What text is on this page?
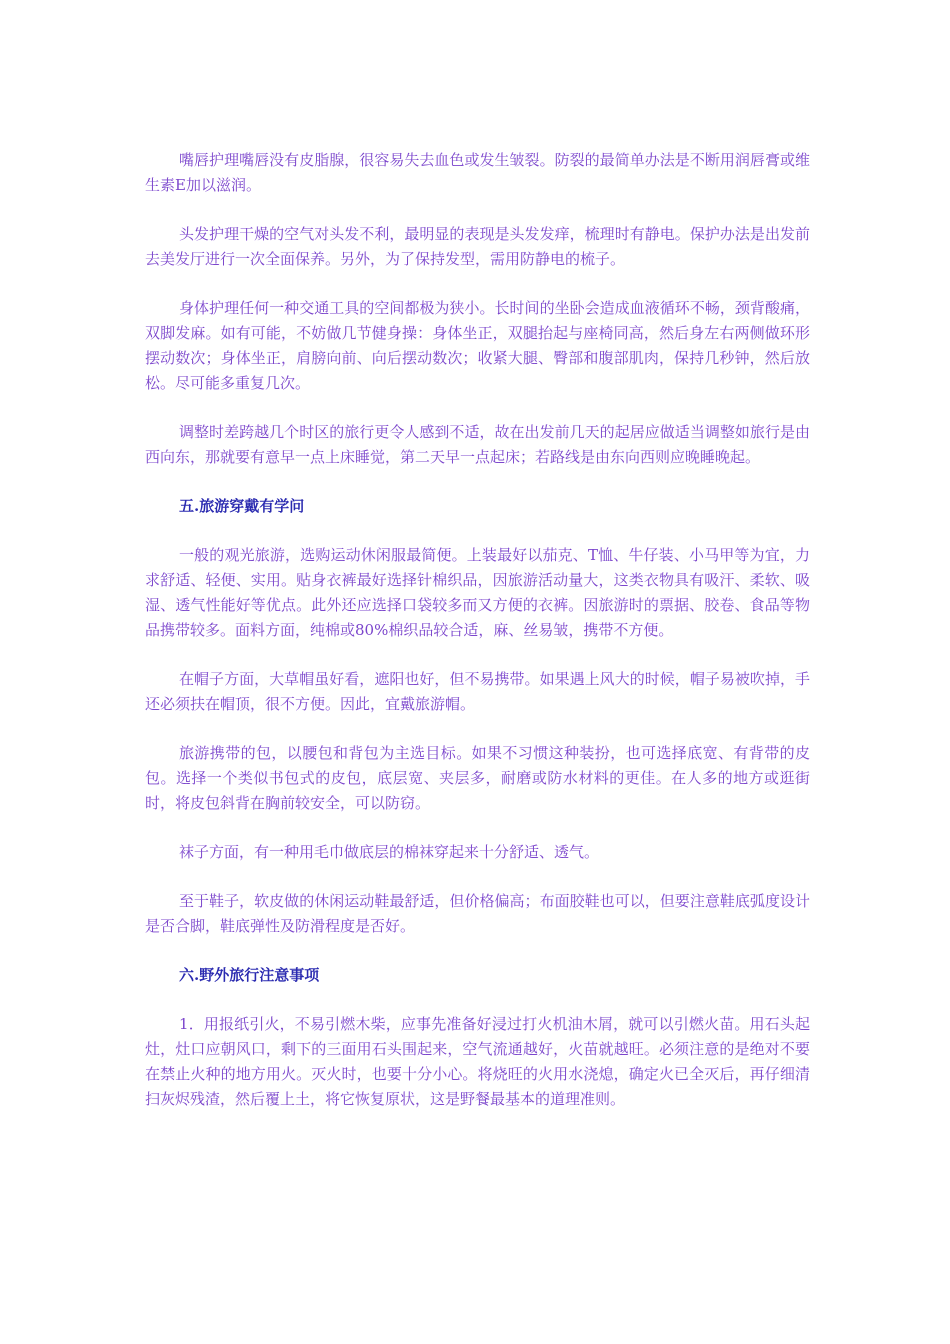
嘴唇护理嘴唇没有皮脂腺，很容易失去血色或发生皱裂。防裂的最简单办法是不断用润唇膏或维生素E加以滋润。

头发护理干燥的空气对头发不利，最明显的表现是头发发痒，梳理时有静电。保护办法是出发前去美发厅进行一次全面保养。另外，为了保持发型，需用防静电的梳子。

身体护理任何一种交通工具的空间都极为狭小。长时间的坐卧会造成血液循环不畅，颈背酸痛，双脚发麻。如有可能，不妨做几节健身操：身体坐正，双腿抬起与座椅同高，然后身左右两侧做环形摆动数次；身体坐正，肩膀向前、向后摆动数次；收紧大腿、臀部和腹部肌肉，保持几秒钟，然后放松。尽可能多重复几次。

调整时差跨越几个时区的旅行更令人感到不适，故在出发前几天的起居应做适当调整如旅行是由西向东，那就要有意早一点上床睡觉，第二天早一点起床；若路线是由东向西则应晚睡晚起。

五.旅游穿戴有学问

一般的观光旅游，选购运动休闲服最简便。上装最好以茄克、T恤、牛仔装、小马甲等为宜，力求舒适、轻便、实用。贴身衣裤最好选择针棉织品，因旅游活动量大，这类衣物具有吸汗、柔软、吸湿、透气性能好等优点。此外还应选择口袋较多而又方便的衣裤。因旅游时的票据、胶卷、食品等物品携带较多。面料方面，纯棉或80%棉织品较合适，麻、丝易皱，携带不方便。

在帽子方面，大草帽虽好看，遮阳也好，但不易携带。如果遇上风大的时候，帽子易被吹掉，手还必须扶在帽顶，很不方便。因此，宜戴旅游帽。

旅游携带的包，以腰包和背包为主选目标。如果不习惯这种装扮，也可选择底宽、有背带的皮包。选择一个类似书包式的皮包，底层宽、夹层多，耐磨或防水材料的更佳。在人多的地方或逛街时，将皮包斜背在胸前较安全，可以防窃。

袜子方面，有一种用毛巾做底层的棉袜穿起来十分舒适、透气。

至于鞋子，软皮做的休闲运动鞋最舒适，但价格偏高；布面胶鞋也可以，但要注意鞋底弧度设计是否合脚，鞋底弹性及防滑程度是否好。

六.野外旅行注意事项

1．用报纸引火，不易引燃木柴，应事先准备好浸过打火机油木屑，就可以引燃火苗。用石头起灶，灶口应朝风口，剩下的三面用石头围起来，空气流通越好，火苗就越旺。必须注意的是绝对不要在禁止火种的地方用火。灭火时，也要十分小心。将烧旺的火用水浇熄，确定火已全灭后，再仔细清扫灰烬残渣，然后覆上土，将它恢复原状，这是野餐最基本的道理准则。
